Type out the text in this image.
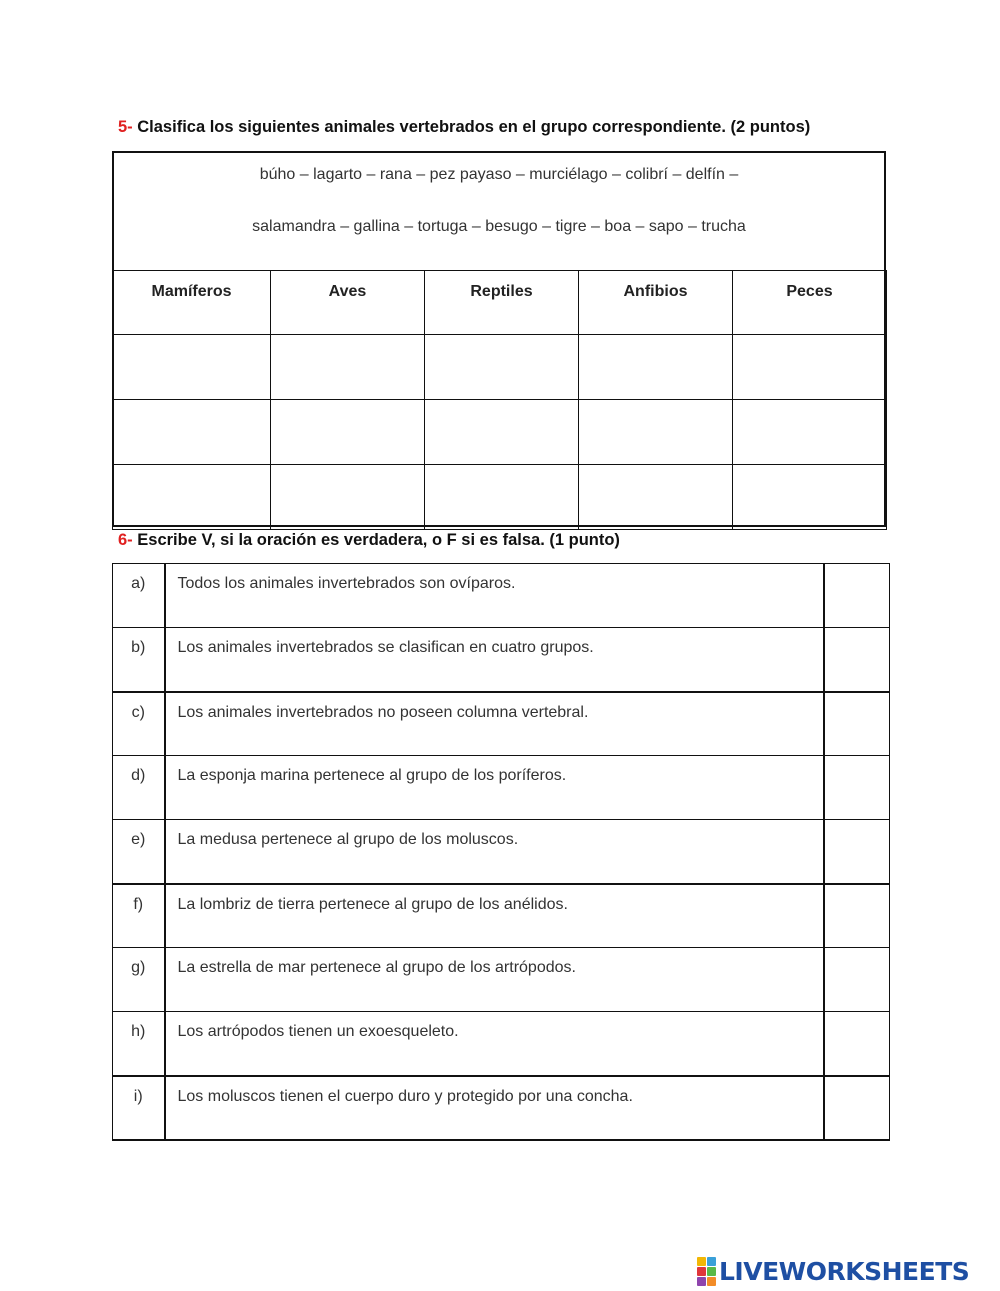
5- Clasifica los siguientes animales vertebrados en el grupo correspondiente. (2 puntos)
búho – lagarto – rana – pez payaso – murciélago – colibrí – delfín –
salamandra – gallina – tortuga – besugo – tigre – boa – sapo – trucha
Mamíferos	Aves	Reptiles	Anfibios	Peces

6- Escribe V, si la oración es verdadera, o F si es falsa. (1 punto)
a)	Todos los animales invertebrados son ovíparos.	
b)	Los animales invertebrados se clasifican en cuatro grupos.	
c)	Los animales invertebrados no poseen columna vertebral.	
d)	La esponja marina pertenece al grupo de los poríferos.	
e)	La medusa pertenece al grupo de los moluscos.	
f)	La lombriz de tierra pertenece al grupo de los anélidos.	
g)	La estrella de mar pertenece al grupo de los artrópodos.	
h)	Los artrópodos tienen un exoesqueleto.	
i)	Los moluscos tienen el cuerpo duro y protegido por una concha.	
LIVEWORKSHEETS
